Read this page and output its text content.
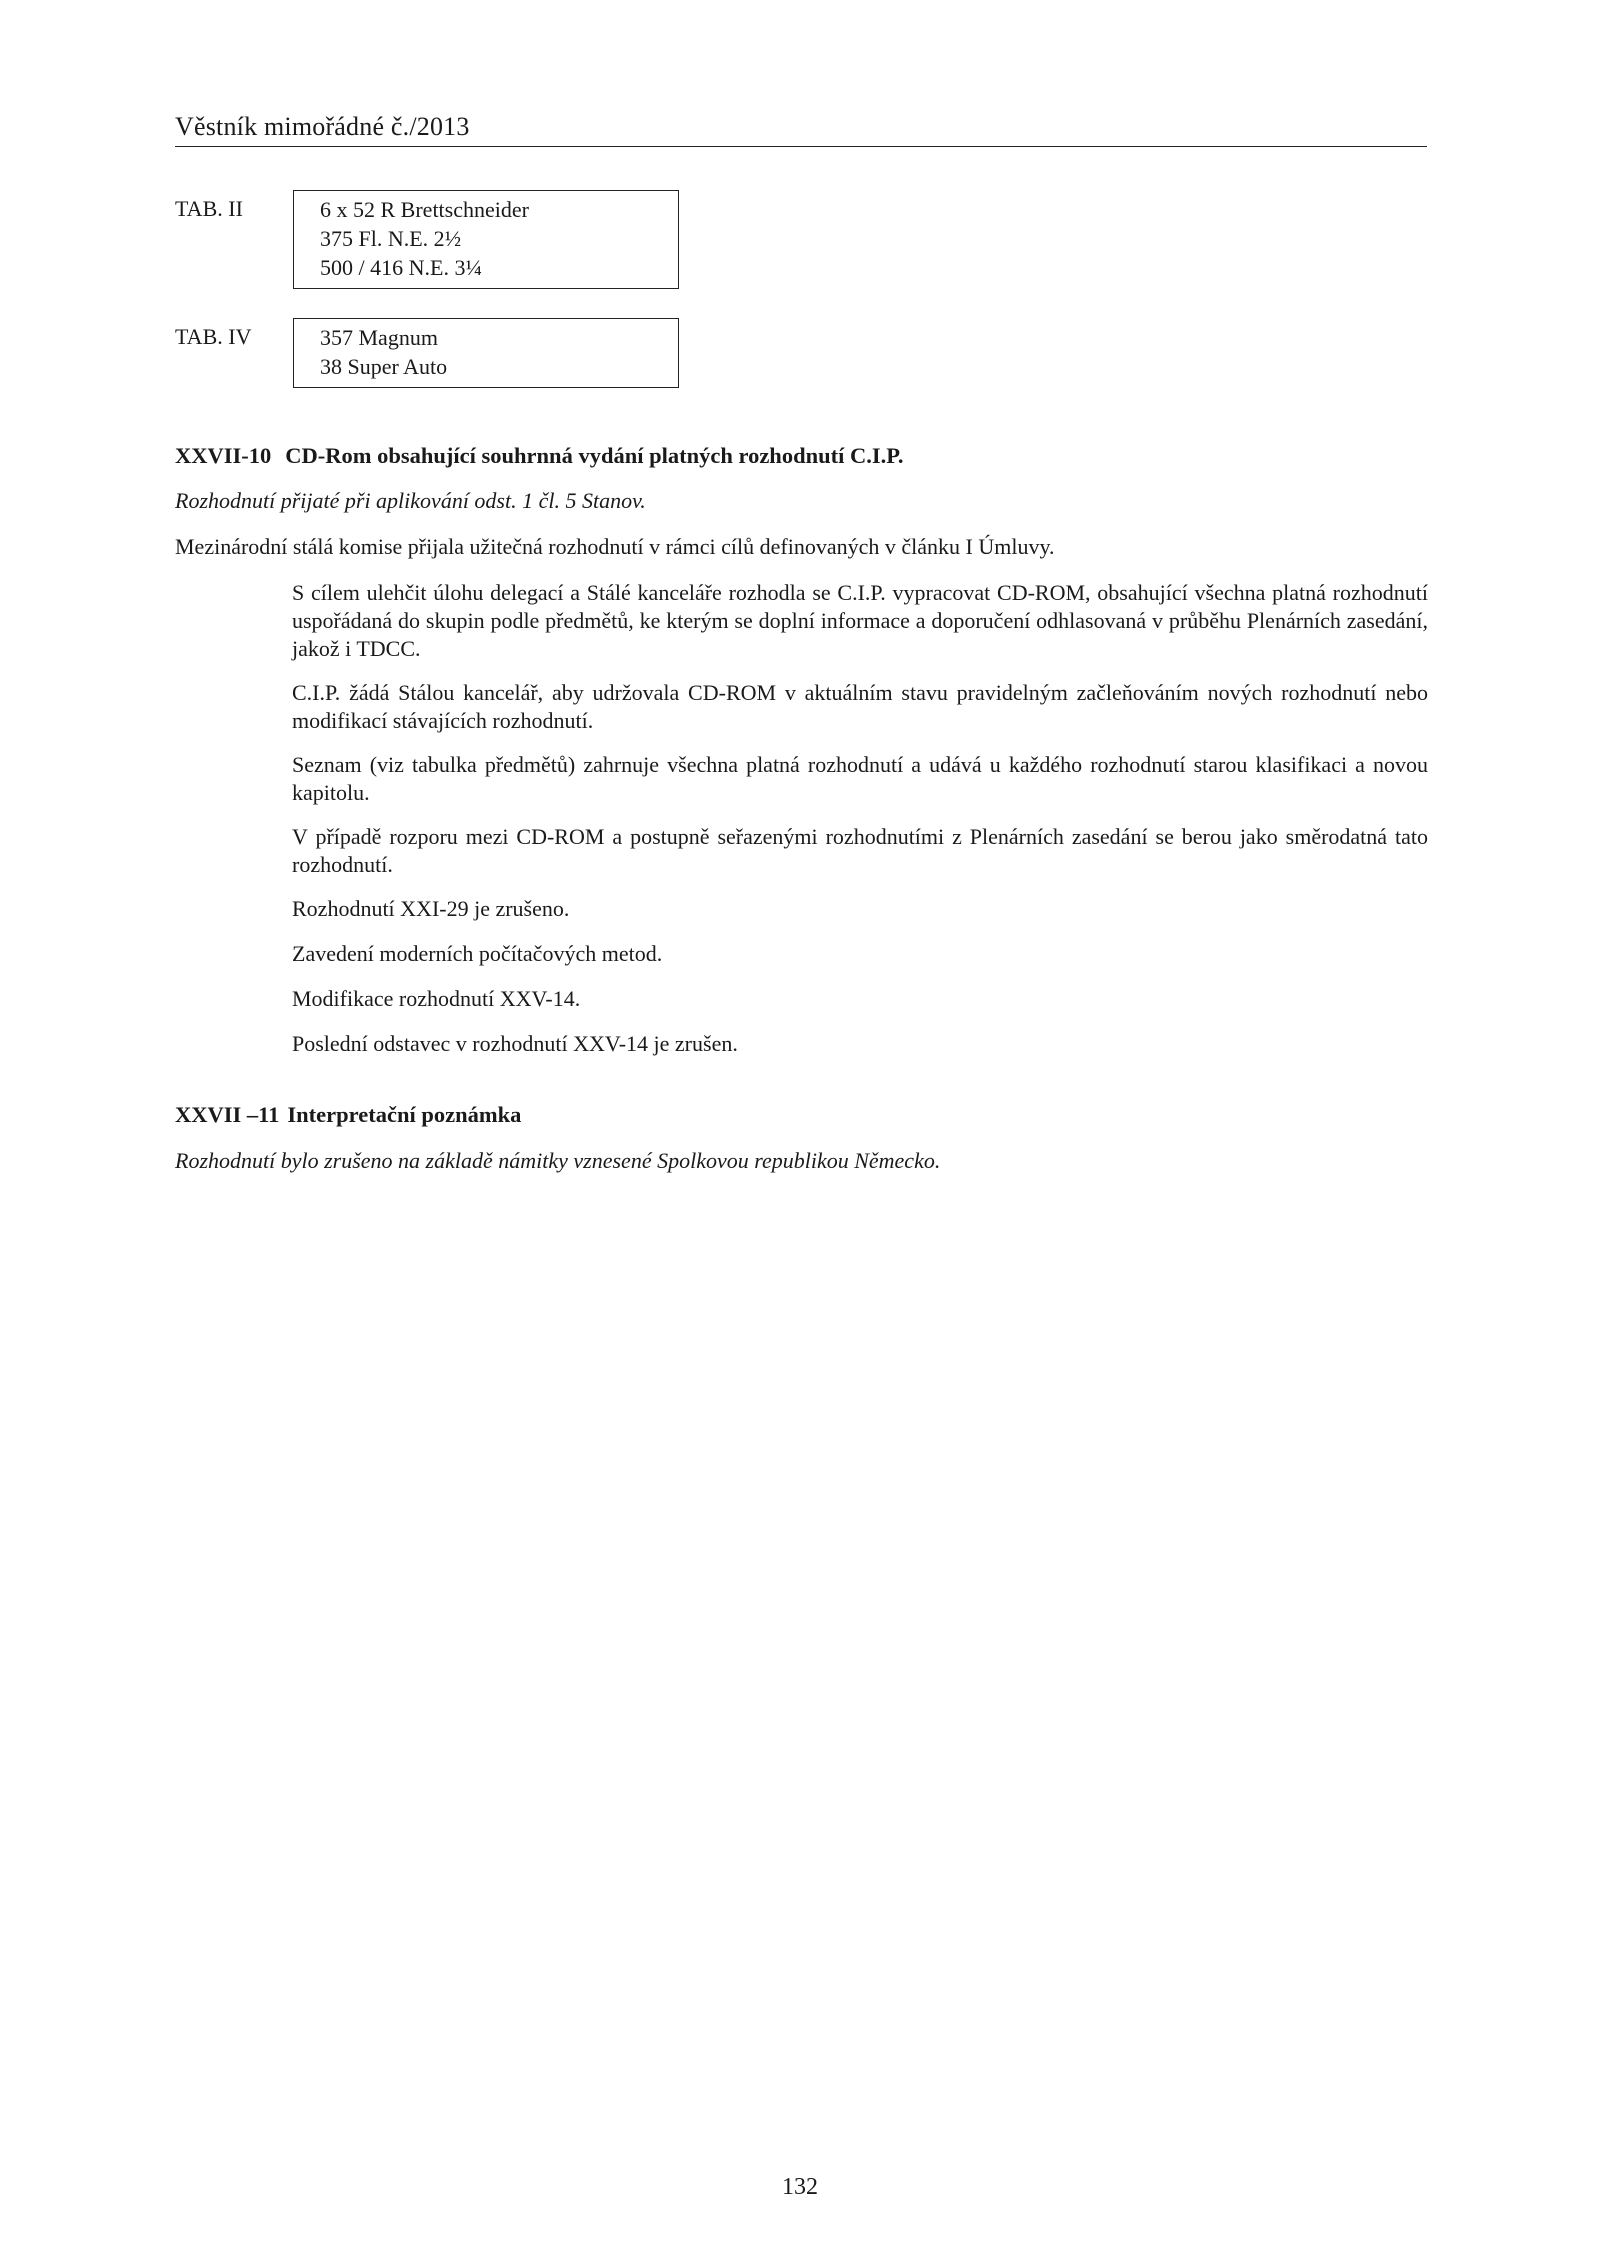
Věstník mimořádné č./2013
TAB. II	6 x 52 R Brettschneider
375 Fl. N.E. 2½
500 / 416 N.E. 3¼
TAB. IV	357 Magnum
38 Super Auto
XXVII-10 CD-Rom obsahující souhrnná vydání platných rozhodnutí C.I.P.
Rozhodnutí přijaté při aplikování odst. 1 čl. 5 Stanov.
Mezinárodní stálá komise přijala užitečná rozhodnutí v rámci cílů definovaných v článku I Úmluvy.

S cílem ulehčit úlohu delegací a Stálé kanceláře rozhodla se C.I.P. vypracovat CD-ROM, obsahující všechna platná rozhodnutí uspořádaná do skupin podle předmětů, ke kterým se doplní informace a doporučení odhlasovaná v průběhu Plenárních zasedání, jakož i TDCC.

C.I.P. žádá Stálou kancelář, aby udržovala CD-ROM v aktuálním stavu pravidelným začleňováním nových rozhodnutí nebo modifikací stávajících rozhodnutí.

Seznam (viz tabulka předmětů) zahrnuje všechna platná rozhodnutí a udává u každého rozhodnutí starou klasifikaci a novou kapitolu.

V případě rozporu mezi CD-ROM a postupně seřazenými rozhodnutími z Plenárních zasedání se berou jako směrodatná tato rozhodnutí.

Rozhodnutí XXI-29 je zrušeno.

Zavedení moderních počítačových metod.

Modifikace rozhodnutí XXV-14.

Poslední odstavec v rozhodnutí XXV-14 je zrušen.

XXVII –11 Interpretační poznámka
Rozhodnutí bylo zrušeno na základě námitky vznesené Spolkovou republikou Německo.
132
